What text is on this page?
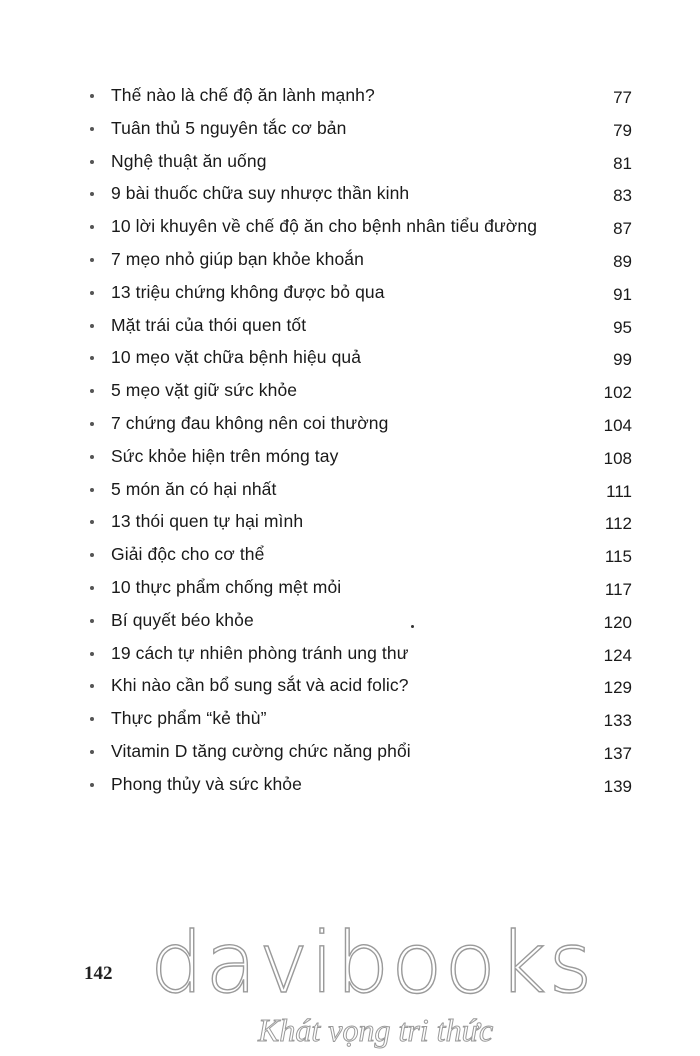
Thế nào là chế độ ăn lành mạnh?	77
Tuân thủ 5 nguyên tắc cơ bản	79
Nghệ thuật ăn uống	81
9 bài thuốc chữa suy nhược thần kinh	83
10 lời khuyên về chế độ ăn cho bệnh nhân tiểu đường	87
7 mẹo nhỏ giúp bạn khỏe khoắn	89
13 triệu chứng không được bỏ qua	91
Mặt trái của thói quen tốt	95
10 mẹo vặt chữa bệnh hiệu quả	99
5 mẹo vặt giữ sức khỏe	102
7 chứng đau không nên coi thường	104
Sức khỏe hiện trên móng tay	108
5 món ăn có hại nhất	111
13 thói quen tự hại mình	112
Giải độc cho cơ thể	115
10 thực phẩm chống mệt mỏi	117
Bí quyết béo khỏe	120
19 cách tự nhiên phòng tránh ung thư	124
Khi nào cần bổ sung sắt và acid folic?	129
Thực phẩm “kẻ thù”	133
Vitamin D tăng cường chức năng phổi	137
Phong thủy và sức khỏe	139
142 davibooks
Khát vọng tri thức
